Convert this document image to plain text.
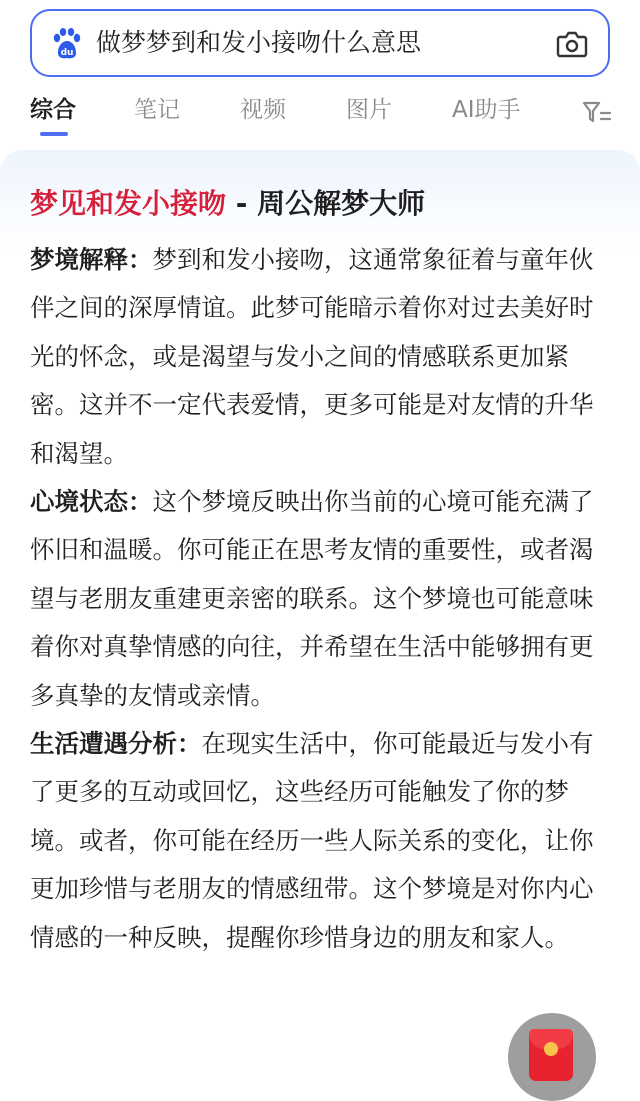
du 做梦梦到和发小接吻什么意思
综合	笔记	视频	图片	AI助手
梦见和发小接吻 - 周公解梦大师
梦境解释：梦到和发小接吻，这通常象征着与童年伙伴之间的深厚情谊。此梦可能暗示着你对过去美好时光的怀念，或是渴望与发小之间的情感联系更加紧密。这并不一定代表爱情，更多可能是对友情的升华和渴望。
心境状态：这个梦境反映出你当前的心境可能充满了怀旧和温暖。你可能正在思考友情的重要性，或者渴望与老朋友重建更亲密的联系。这个梦境也可能意味着你对真挚情感的向往，并希望在生活中能够拥有更多真挚的友情或亲情。
生活遭遇分析：在现实生活中，你可能最近与发小有了更多的互动或回忆，这些经历可能触发了你的梦境。或者，你可能在经历一些人际关系的变化，让你更加珍惜与老朋友的情感纽带。这个梦境是对你内心情感的一种反映，提醒你珍惜身边的朋友和家人。
